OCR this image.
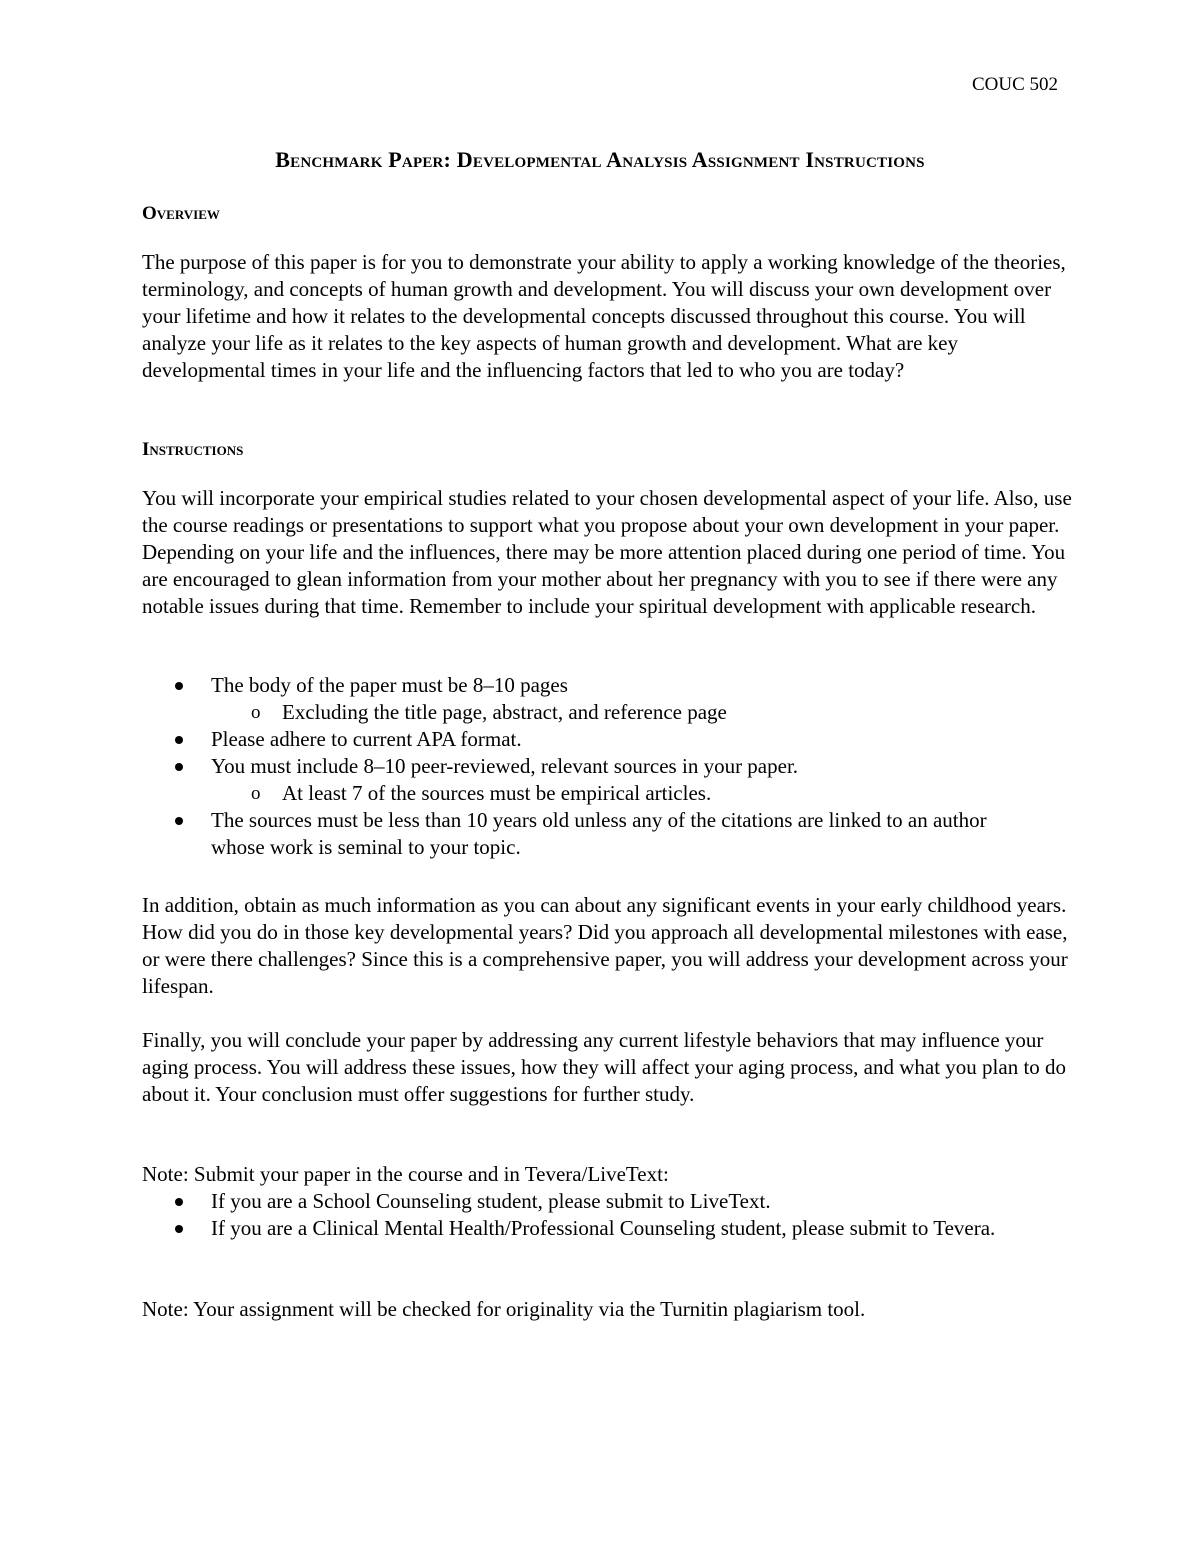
COUC 502
Benchmark Paper: Developmental Analysis Assignment Instructions
Overview

The purpose of this paper is for you to demonstrate your ability to apply a working knowledge of the theories, terminology, and concepts of human growth and development. You will discuss your own development over your lifetime and how it relates to the developmental concepts discussed throughout this course. You will analyze your life as it relates to the key aspects of human growth and development. What are key developmental times in your life and the influencing factors that led to who you are today?

Instructions

You will incorporate your empirical studies related to your chosen developmental aspect of your life. Also, use the course readings or presentations to support what you propose about your own development in your paper. Depending on your life and the influences, there may be more attention placed during one period of time. You are encouraged to glean information from your mother about her pregnancy with you to see if there were any notable issues during that time. Remember to include your spiritual development with applicable research.

The body of the paper must be 8–10 pages
o Excluding the title page, abstract, and reference page
Please adhere to current APA format.
You must include 8–10 peer-reviewed, relevant sources in your paper.
o At least 7 of the sources must be empirical articles.
The sources must be less than 10 years old unless any of the citations are linked to an author whose work is seminal to your topic.

In addition, obtain as much information as you can about any significant events in your early childhood years. How did you do in those key developmental years? Did you approach all developmental milestones with ease, or were there challenges? Since this is a comprehensive paper, you will address your development across your lifespan.

Finally, you will conclude your paper by addressing any current lifestyle behaviors that may influence your aging process. You will address these issues, how they will affect your aging process, and what you plan to do about it. Your conclusion must offer suggestions for further study.

Note: Submit your paper in the course and in Tevera/LiveText:

If you are a School Counseling student, please submit to LiveText.
If you are a Clinical Mental Health/Professional Counseling student, please submit to Tevera.

Note: Your assignment will be checked for originality via the Turnitin plagiarism tool.
